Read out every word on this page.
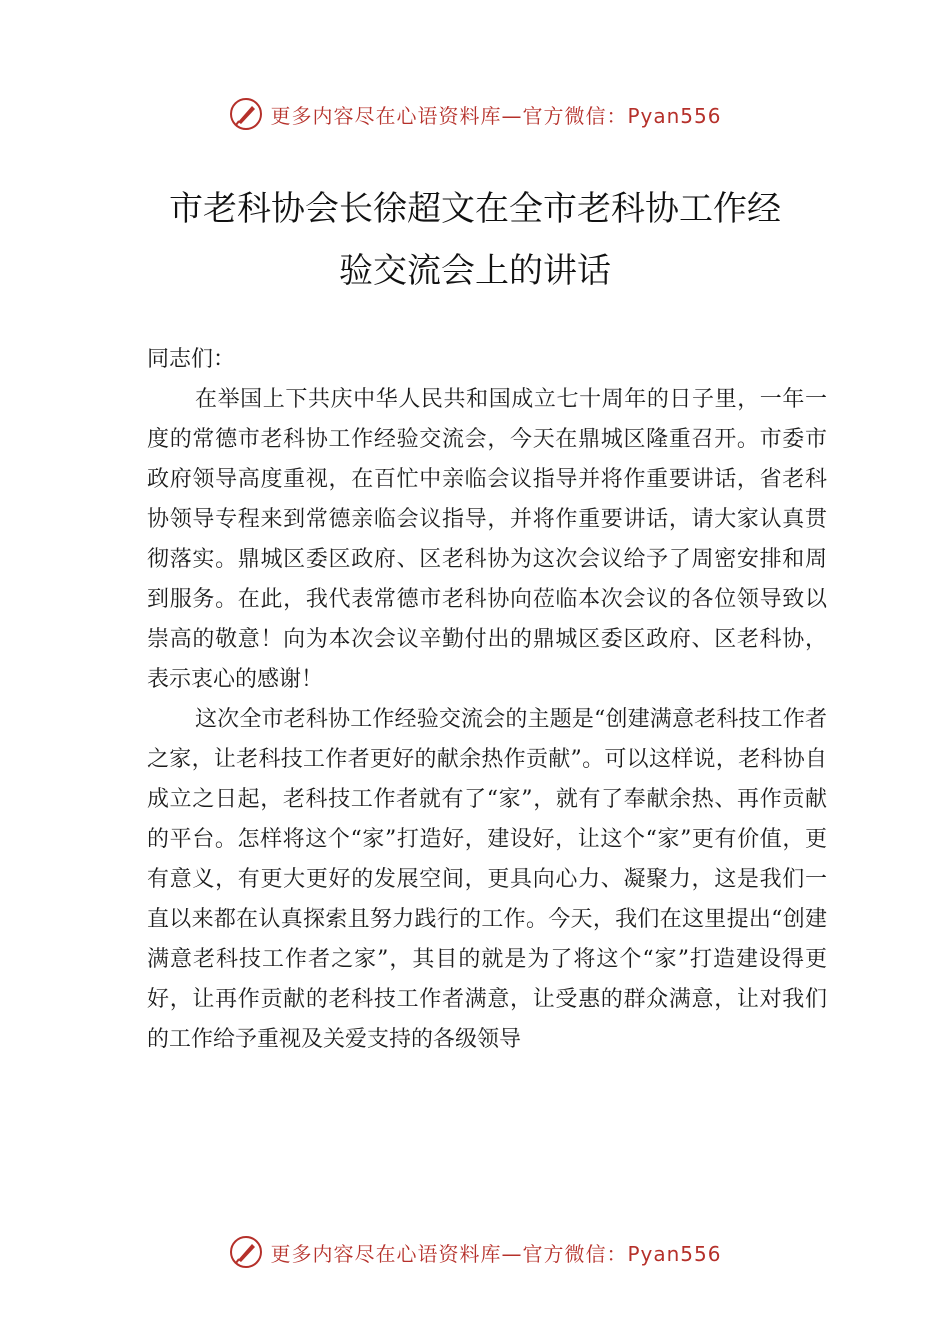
更多内容尽在心语资料库—官方微信：Pyan556
市老科协会长徐超文在全市老科协工作经
验交流会上的讲话

同志们：

在举国上下共庆中华人民共和国成立七十周年的日子里，一年一度的常德市老科协工作经验交流会，今天在鼎城区隆重召开。市委市政府领导高度重视，在百忙中亲临会议指导并将作重要讲话，省老科协领导专程来到常德亲临会议指导，并将作重要讲话，请大家认真贯彻落实。鼎城区委区政府、区老科协为这次会议给予了周密安排和周到服务。在此，我代表常德市老科协向莅临本次会议的各位领导致以崇高的敬意！向为本次会议辛勤付出的鼎城区委区政府、区老科协，表示衷心的感谢！

这次全市老科协工作经验交流会的主题是“创建满意老科技工作者之家，让老科技工作者更好的献余热作贡献”。可以这样说，老科协自成立之日起，老科技工作者就有了“家”，就有了奉献余热、再作贡献的平台。怎样将这个“家”打造好，建设好，让这个“家”更有价值，更有意义，有更大更好的发展空间，更具向心力、凝聚力，这是我们一直以来都在认真探索且努力践行的工作。今天，我们在这里提出“创建满意老科技工作者之家”，其目的就是为了将这个“家”打造建设得更好，让再作贡献的老科技工作者满意，让受惠的群众满意，让对我们的工作给予重视及关爱支持的各级领导

更多内容尽在心语资料库—官方微信：Pyan556
